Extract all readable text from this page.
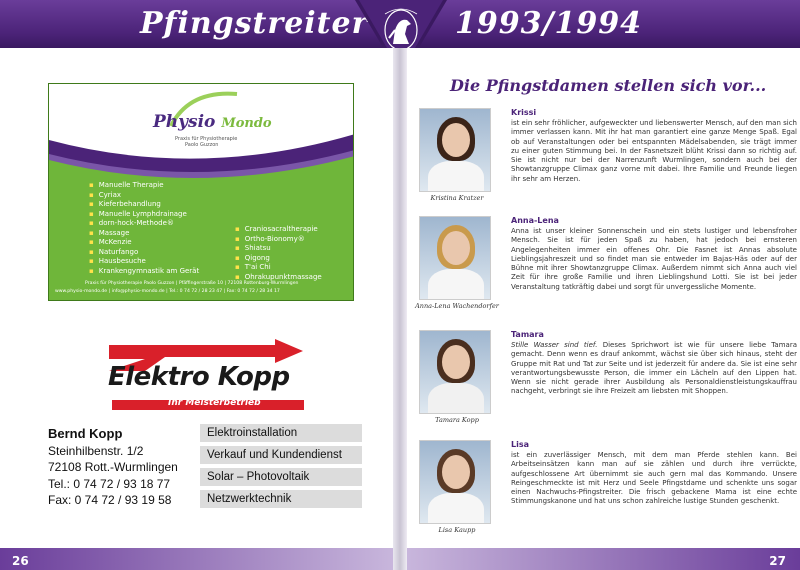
Pfingstreiter	1993/1994
Physio Mondo
Praxis für Physiotherapie
Paolo Guzzon
▪ Manuelle Therapie
▪ Cyriax
▪ Kieferbehandlung
▪ Manuelle Lymphdrainage
▪ dorn-hock-Methode®
▪ Massage
▪ McKenzie
▪ Naturfango
▪ Hausbesuche
▪ Krankengymnastik am Gerät
▪ Craniosacraltherapie
▪ Ortho-Bionomy®
▪ Shiatsu
▪ Qigong
▪ T'ai Chi
▪ Ohrakupunktmassage
Praxis für Physiotherapie Paolo Guzzon | Pfäffingerstraße 10 | 72108 Rottenburg-Wurmlingen
www.physio-mondo.de | info@physio-mondo.de | Tel.: 0 74 72 / 28 23 47 | Fax: 0 74 72 / 28 34 17
Elektro Kopp
Ihr Meisterbetrieb
Bernd Kopp
Steinhilbenstr. 1/2
72108 Rott.-Wurmlingen
Tel.: 0 74 72 / 93 18 77
Fax: 0 74 72 / 93 19 58
Elektroinstallation
Verkauf und Kundendienst
Solar – Photovoltaik
Netzwerktechnik
26
Die Pfingstdamen stellen sich vor...
Kristina Kratzer
Krissi
ist ein sehr fröhlicher, aufgeweckter und liebenswerter Mensch, auf den man sich immer verlassen kann. Mit ihr hat man garantiert eine ganze Menge Spaß. Egal ob auf Veranstaltungen oder bei entspannten Mädelsabenden, sie trägt immer zu einer guten Stimmung bei. In der Fasnetszeit blüht Krissi dann so richtig auf. Sie ist nicht nur bei der Narrenzunft Wurmlingen, sondern auch bei der Showtanzgruppe Climax ganz vorne mit dabei. Ihre Familie und Freunde liegen ihr sehr am Herzen.
Anna-Lena Wachendorfer
Anna-Lena
Anna ist unser kleiner Sonnenschein und ein stets lustiger und lebensfroher Mensch. Sie ist für jeden Spaß zu haben, hat jedoch bei ernsteren Angelegenheiten immer ein offenes Ohr. Die Fasnet ist Annas absolute Lieblingsjahreszeit und so findet man sie entweder im Bajas-Häs oder auf der Bühne mit ihrer Showtanzgruppe Climax. Außerdem nimmt sich Anna auch viel Zeit für ihre große Familie und ihren Lieblingshund Lotti. Sie ist bei jeder Veranstaltung tatkräftig dabei und sorgt für unvergessliche Momente.
Tamara Kopp
Tamara
Stille Wasser sind tief. Dieses Sprichwort ist wie für unsere liebe Tamara gemacht. Denn wenn es drauf ankommt, wächst sie über sich hinaus, steht der Gruppe mit Rat und Tat zur Seite und ist jederzeit für andere da. Sie ist eine sehr verantwortungsbewusste Person, die immer ein Lächeln auf den Lippen hat. Wenn sie nicht gerade ihrer Ausbildung als Personaldienstleistungskauffrau nachgeht, verbringt sie ihre Freizeit am liebsten mit Shoppen.
Lisa Kaupp
Lisa
ist ein zuverlässiger Mensch, mit dem man Pferde stehlen kann. Bei Arbeitseinsätzen kann man auf sie zählen und durch ihre verrückte, aufgeschlossene Art übernimmt sie auch gern mal das Kommando. Unsere Reingeschmeckte ist mit Herz und Seele Pfingstdame und schenkte uns sogar einen Nachwuchs-Pfingstreiter. Die frisch gebackene Mama ist eine echte Stimmungskanone und hat uns schon zahlreiche lustige Stunden geschenkt.
27
